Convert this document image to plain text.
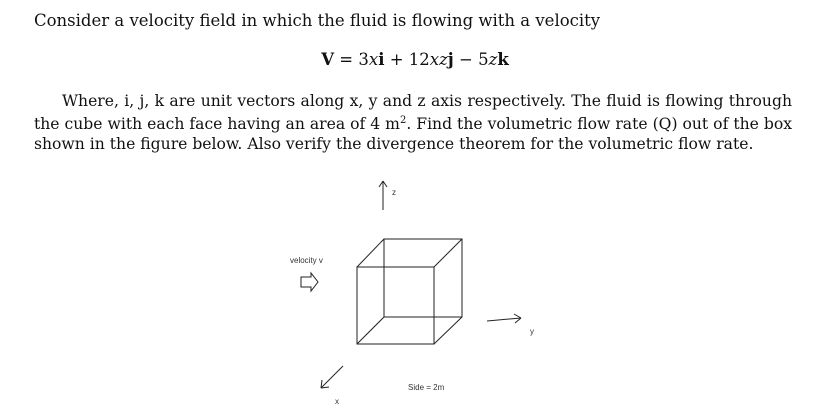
Consider a velocity field in which the fluid is flowing with a velocity
V = 3xi + 12xzj − 5zk
Where, i, j, k are unit vectors along x, y and z axis respectively. The fluid is flowing through
the cube with each face having an area of 4 $m^2$. Find the volumetric flow rate (Q) out of the box
shown in the figure below. Also verify the divergence theorem for the volumetric flow rate.
velocity v
z
y
x
Side = 2m
